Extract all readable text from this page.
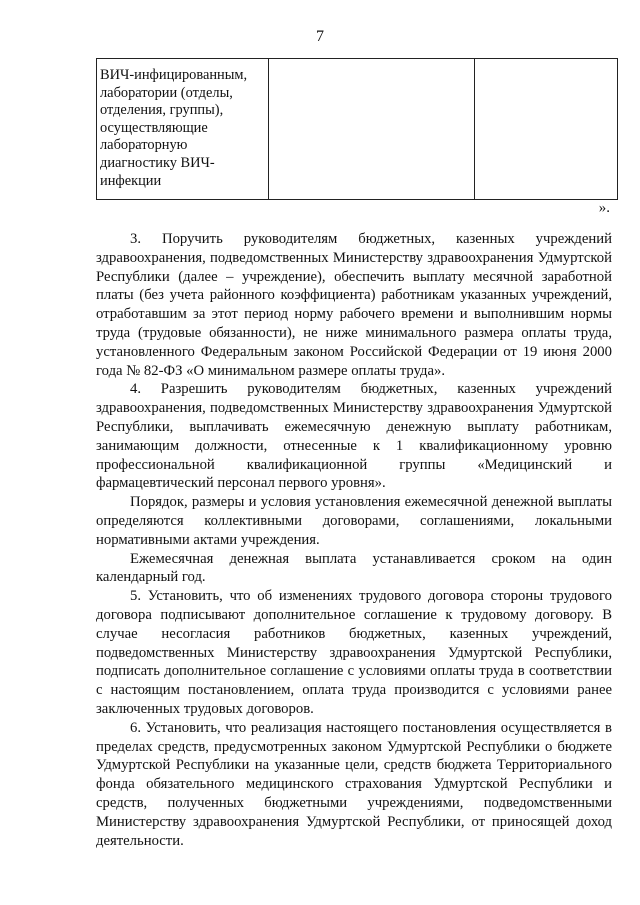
7
ВИЧ-инфицированным,
лаборатории (отделы,
отделения, группы),
осуществляющие
лабораторную
диагностику ВИЧ-
инфекции
».

3. Поручить руководителям бюджетных, казенных учреждений здравоохранения, подведомственных Министерству здравоохранения Удмуртской Республики (далее – учреждение), обеспечить выплату месячной заработной платы (без учета районного коэффициента) работникам указанных учреждений, отработавшим за этот период норму рабочего времени и выполнившим нормы труда (трудовые обязанности), не ниже минимального размера оплаты труда, установленного Федеральным законом Российской Федерации от 19 июня 2000 года № 82-ФЗ «О минимальном размере оплаты труда».

4. Разрешить руководителям бюджетных, казенных учреждений здравоохранения, подведомственных Министерству здравоохранения Удмуртской Республики, выплачивать ежемесячную денежную выплату работникам, занимающим должности, отнесенные к 1 квалификационному уровню профессиональной квалификационной группы «Медицинский и фармацевтический персонал первого уровня».

Порядок, размеры и условия установления ежемесячной денежной выплаты определяются коллективными договорами, соглашениями, локальными нормативными актами учреждения.

Ежемесячная денежная выплата устанавливается сроком на один календарный год.

5. Установить, что об изменениях трудового договора стороны трудового договора подписывают дополнительное соглашение к трудовому договору. В случае несогласия работников бюджетных, казенных учреждений, подведомственных Министерству здравоохранения Удмуртской Республики, подписать дополнительное соглашение с условиями оплаты труда в соответствии с настоящим постановлением, оплата труда производится с условиями ранее заключенных трудовых договоров.

6. Установить, что реализация настоящего постановления осуществляется в пределах средств, предусмотренных законом Удмуртской Республики о бюджете Удмуртской Республики на указанные цели, средств бюджета Территориального фонда обязательного медицинского страхования Удмуртской Республики и средств, полученных бюджетными учреждениями, подведомственными Министерству здравоохранения Удмуртской Республики, от приносящей доход деятельности.
